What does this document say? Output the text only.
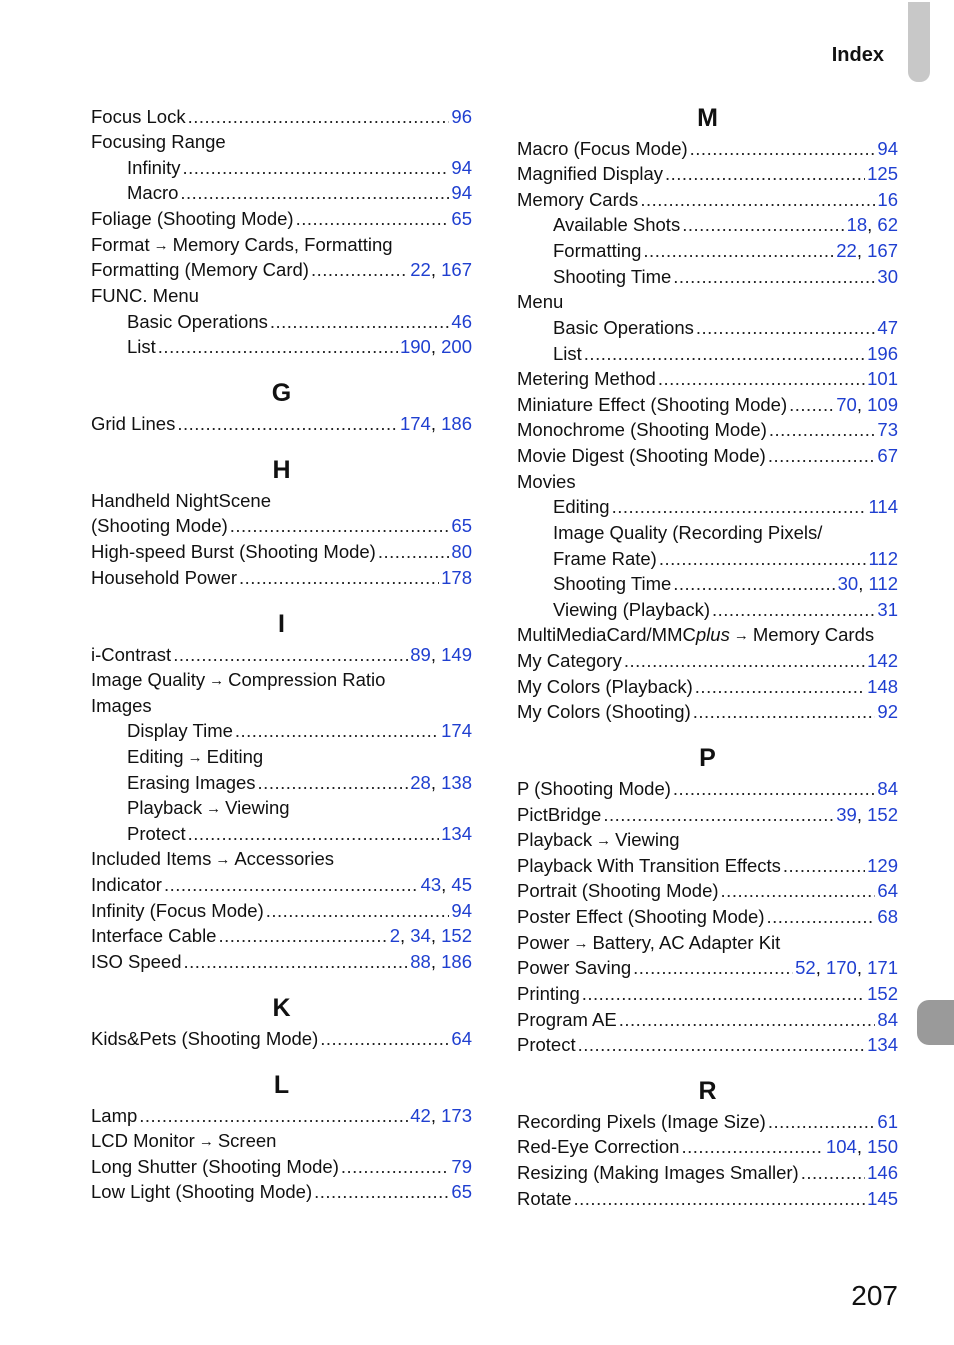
Index
Focus Lock .....	96
Focusing Range
Infinity .....	94
Macro .....	94
Foliage (Shooting Mode) .....	65
Format → Memory Cards, Formatting
Formatting (Memory Card) .....	22, 167
FUNC. Menu
Basic Operations .....	46
List .....	190, 200
G
Grid Lines .....	174, 186
H
Handheld NightScene
(Shooting Mode) .....	65
High-speed Burst (Shooting Mode) .....	80
Household Power .....	178
I
i-Contrast .....	89, 149
Image Quality → Compression Ratio
Images
Display Time .....	174
Editing → Editing
Erasing Images .....	28, 138
Playback → Viewing
Protect .....	134
Included Items → Accessories
Indicator .....	43, 45
Infinity (Focus Mode) .....	94
Interface Cable .....	2, 34, 152
ISO Speed .....	88, 186
K
Kids&Pets (Shooting Mode) .....	64
L
Lamp .....	42, 173
LCD Monitor → Screen
Long Shutter (Shooting Mode) .....	79
Low Light (Shooting Mode) .....	65
M
Macro (Focus Mode) .....	94
Magnified Display .....	125
Memory Cards .....	16
Available Shots .....	18, 62
Formatting .....	22, 167
Shooting Time .....	30
Menu
Basic Operations .....	47
List .....	196
Metering Method .....	101
Miniature Effect (Shooting Mode) .....	70, 109
Monochrome (Shooting Mode) .....	73
Movie Digest (Shooting Mode) .....	67
Movies
Editing .....	114
Image Quality (Recording Pixels/
Frame Rate) .....	112
Shooting Time .....	30, 112
Viewing (Playback) .....	31
MultiMediaCard/MMCplus → Memory Cards
My Category .....	142
My Colors (Playback) .....	148
My Colors (Shooting) .....	92
P
P (Shooting Mode) .....	84
PictBridge .....	39, 152
Playback → Viewing
Playback With Transition Effects .....	129
Portrait (Shooting Mode) .....	64
Poster Effect (Shooting Mode) .....	68
Power → Battery, AC Adapter Kit
Power Saving .....	52, 170, 171
Printing .....	152
Program AE .....	84
Protect .....	134
R
Recording Pixels (Image Size) .....	61
Red-Eye Correction .....	104, 150
Resizing (Making Images Smaller) .....	146
Rotate .....	145
207
